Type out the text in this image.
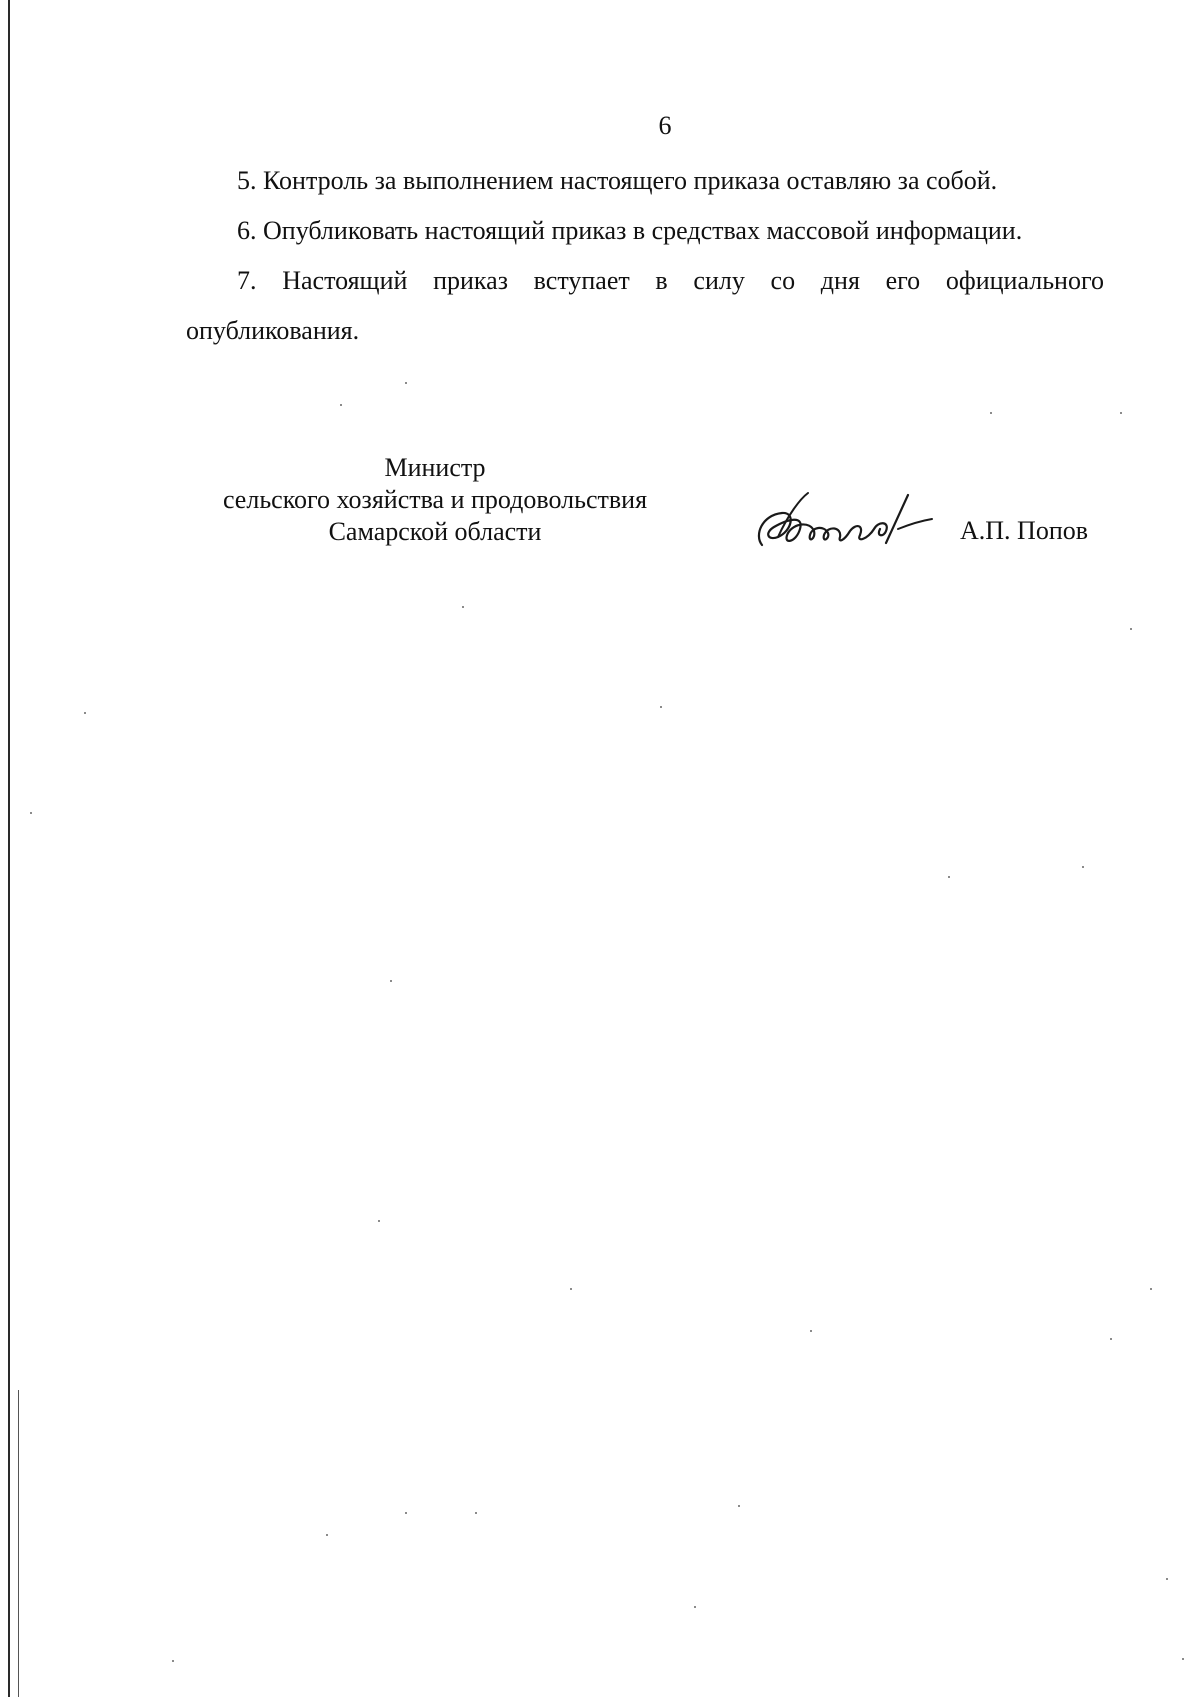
6

5. Контроль за выполнением настоящего приказа оставляю за собой.

6. Опубликовать настоящий приказ в средствах массовой информации.

7. Настоящий приказ вступает в силу со дня его официального опубликования.

Министр
сельского хозяйства и продовольствия
Самарской области	А.П. Попов
